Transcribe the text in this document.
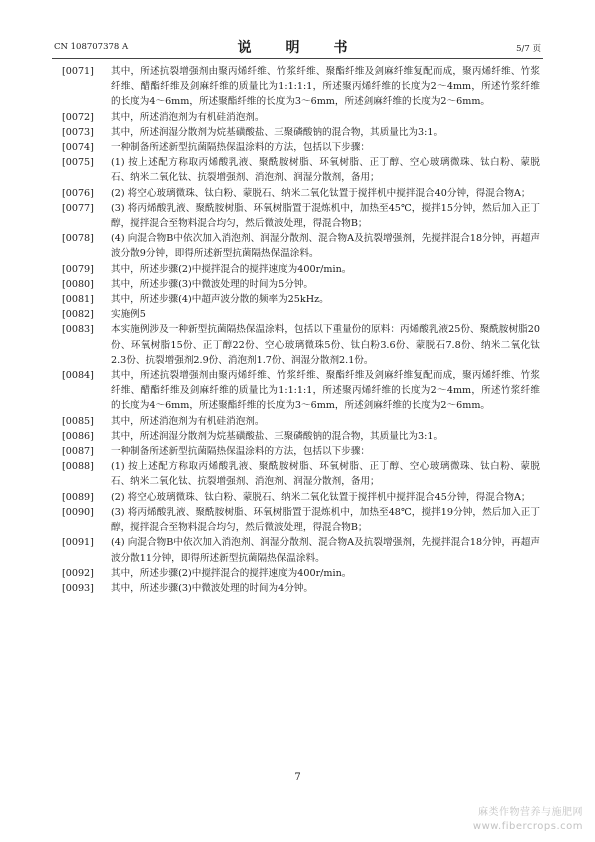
CN 108707378 A	说　明　书	5/7 页
[0071]	其中，所述抗裂增强剂由聚丙烯纤维、竹浆纤维、聚酯纤维及剑麻纤维复配而成，聚丙烯纤维、竹浆纤维、醋酯纤维及剑麻纤维的质量比为1:1:1:1，所述聚丙烯纤维的长度为2～4mm，所述竹浆纤维的长度为4～6mm，所述聚酯纤维的长度为3～6mm，所述剑麻纤维的长度为2～6mm。
[0072]	其中，所述消泡剂为有机硅消泡剂。
[0073]	其中，所述润湿分散剂为烷基磺酸盐、三聚磷酸钠的混合物，其质量比为3:1。
[0074]	一种制备所述新型抗菌隔热保温涂料的方法，包括以下步骤：
[0075]	(1) 按上述配方称取丙烯酸乳液、聚酰胺树脂、环氧树脂、正丁醇、空心玻璃微珠、钛白粉、蒙脱石、纳米二氧化钛、抗裂增强剂、消泡剂、润湿分散剂，备用；
[0076]	(2) 将空心玻璃微珠、钛白粉、蒙脱石、纳米二氧化钛置于搅拌机中搅拌混合40分钟，得混合物A；
[0077]	(3) 将丙烯酸乳液、聚酰胺树脂、环氧树脂置于混炼机中，加热至45℃，搅拌15分钟，然后加入正丁醇，搅拌混合至物料混合均匀，然后微波处理，得混合物B；
[0078]	(4) 向混合物B中依次加入消泡剂、润湿分散剂、混合物A及抗裂增强剂，先搅拌混合18分钟，再超声波分散9分钟，即得所述新型抗菌隔热保温涂料。
[0079]	其中，所述步骤(2)中搅拌混合的搅拌速度为400r/min。
[0080]	其中，所述步骤(3)中微波处理的时间为5分钟。
[0081]	其中，所述步骤(4)中超声波分散的频率为25kHz。
[0082]	实施例5
[0083]	本实施例涉及一种新型抗菌隔热保温涂料，包括以下重量份的原料：丙烯酸乳液25份、聚酰胺树脂20份、环氧树脂15份、正丁醇22份、空心玻璃微珠5份、钛白粉3.6份、蒙脱石7.8份、纳米二氧化钛2.3份、抗裂增强剂2.9份、消泡剂1.7份、润湿分散剂2.1份。
[0084]	其中，所述抗裂增强剂由聚丙烯纤维、竹浆纤维、聚酯纤维及剑麻纤维复配而成，聚丙烯纤维、竹浆纤维、醋酯纤维及剑麻纤维的质量比为1:1:1:1，所述聚丙烯纤维的长度为2～4mm，所述竹浆纤维的长度为4～6mm，所述聚酯纤维的长度为3～6mm，所述剑麻纤维的长度为2～6mm。
[0085]	其中，所述消泡剂为有机硅消泡剂。
[0086]	其中，所述润湿分散剂为烷基磺酸盐、三聚磷酸钠的混合物，其质量比为3:1。
[0087]	一种制备所述新型抗菌隔热保温涂料的方法，包括以下步骤：
[0088]	(1) 按上述配方称取丙烯酸乳液、聚酰胺树脂、环氧树脂、正丁醇、空心玻璃微珠、钛白粉、蒙脱石、纳米二氧化钛、抗裂增强剂、消泡剂、润湿分散剂，备用；
[0089]	(2) 将空心玻璃微珠、钛白粉、蒙脱石、纳米二氧化钛置于搅拌机中搅拌混合45分钟，得混合物A；
[0090]	(3) 将丙烯酸乳液、聚酰胺树脂、环氧树脂置于混炼机中，加热至48℃，搅拌19分钟，然后加入正丁醇，搅拌混合至物料混合均匀，然后微波处理，得混合物B；
[0091]	(4) 向混合物B中依次加入消泡剂、润湿分散剂、混合物A及抗裂增强剂，先搅拌混合18分钟，再超声波分散11分钟，即得所述新型抗菌隔热保温涂料。
[0092]	其中，所述步骤(2)中搅拌混合的搅拌速度为400r/min。
[0093]	其中，所述步骤(3)中微波处理的时间为4分钟。
7
麻类作物营养与施肥网
www.fibercrops.com
